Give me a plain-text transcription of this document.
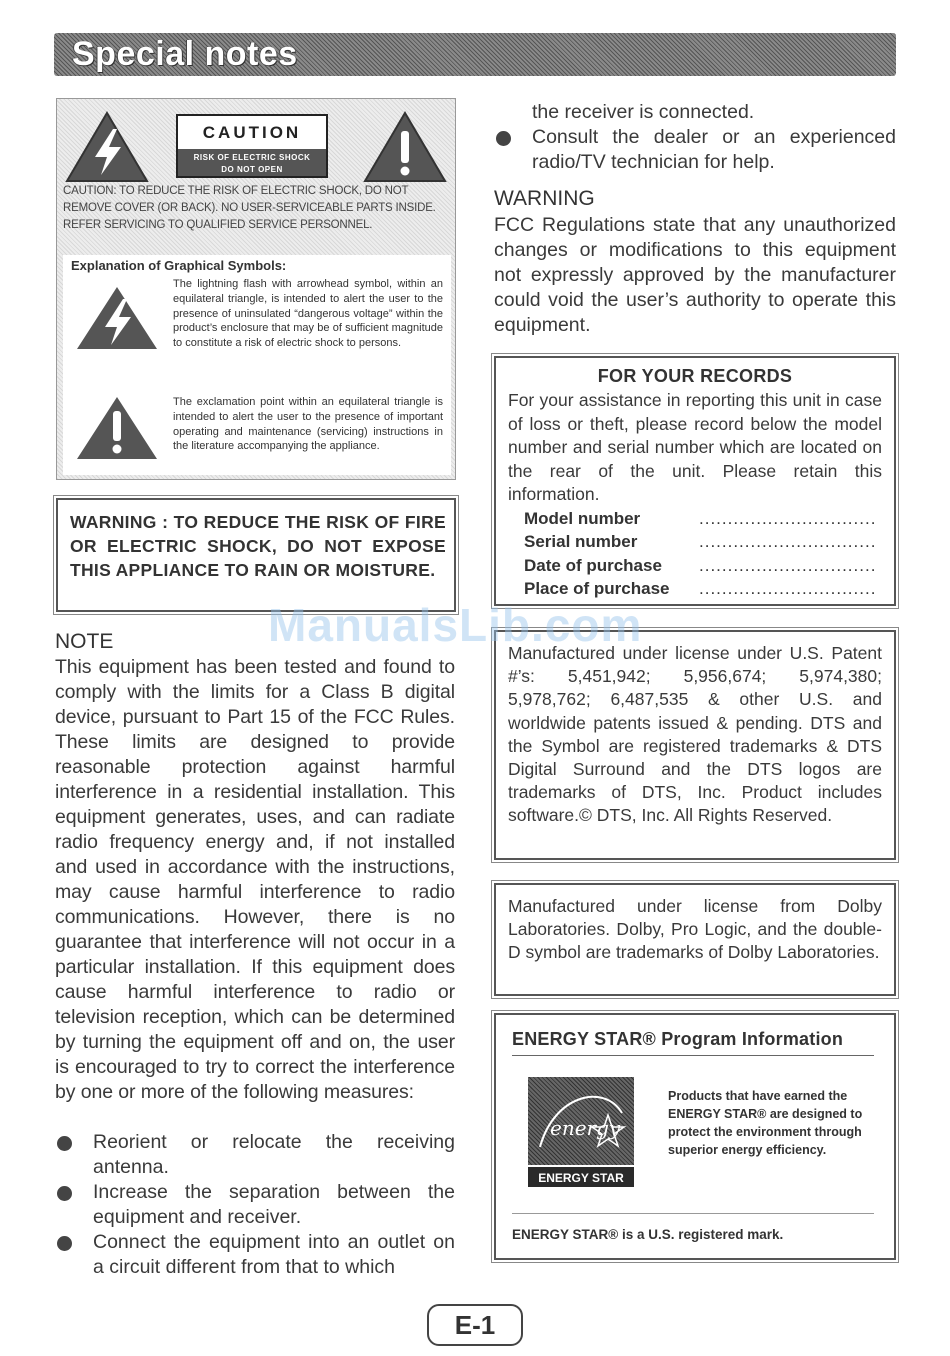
Special notes
CAUTION
RISK OF ELECTRIC SHOCK
DO NOT OPEN
CAUTION: TO REDUCE THE RISK OF ELECTRIC SHOCK, DO NOT REMOVE COVER (OR BACK). NO USER-SERVICEABLE PARTS INSIDE. REFER SERVICING TO QUALIFIED SERVICE PERSONNEL.
Explanation of Graphical Symbols:
The lightning flash with arrowhead symbol, within an equilateral triangle, is intended to alert the user to the presence of uninsulated “dangerous voltage” within the product’s enclosure that may be of sufficient magnitude to constitute a risk of electric shock to persons.
The exclamation point within an equilateral triangle is intended to alert the user to the presence of important operating and maintenance (servicing) instructions in the literature accompanying the appliance.
WARNING : TO REDUCE THE RISK OF FIRE OR ELECTRIC SHOCK, DO NOT EXPOSE THIS APPLIANCE TO RAIN OR MOISTURE.
NOTE
This equipment has been tested and found to comply with the limits for a Class B digital device, pursuant to Part 15 of the FCC Rules. These limits are designed to provide reasonable protection against harmful interference in a residential installation. This equipment generates, uses, and can radiate radio frequency energy and, if not installed and used in accordance with the instructions, may cause harmful interference to radio communications. However, there is no guarantee that interference will not occur in a particular installation. If this equipment does cause harmful interference to radio or television reception, which can be determined by turning the equipment off and on, the user is encouraged to try to correct the interference by one or more of the following measures:
Reorient or relocate the receiving antenna.
Increase the separation between the equipment and receiver.
Connect the equipment into an outlet on a circuit different from that to which
the receiver is connected.
Consult the dealer or an experienced radio/TV technician for help.
WARNING
FCC Regulations state that any unauthorized changes or modifications to this equipment not expressly approved by the manufacturer could void the user’s authority to operate this equipment.
FOR YOUR RECORDS
For your assistance in reporting this unit in case of loss or theft, please record below the model number and serial number which are located on the rear of the unit. Please retain this information.
Model number	...............................
Serial number	...............................
Date of purchase ...............................
Place of purchase ...............................
Manufactured under license under U.S. Patent #’s: 5,451,942; 5,956,674; 5,974,380; 5,978,762; 6,487,535 & other U.S. and worldwide patents issued & pending. DTS and the Symbol are registered trademarks & DTS Digital Surround and the DTS logos are trademarks of DTS, Inc. Product includes software.© DTS, Inc. All Rights Reserved.
Manufactured under license from Dolby Laboratories. Dolby, Pro Logic, and the double-D symbol are trademarks of Dolby Laboratories.
ENERGY STAR® Program Information
energy
ENERGY STAR
Products that have earned the ENERGY STAR® are designed to protect the environment through superior energy efficiency.
ENERGY STAR® is a U.S. registered mark.
ManualsLib.com
E-1
